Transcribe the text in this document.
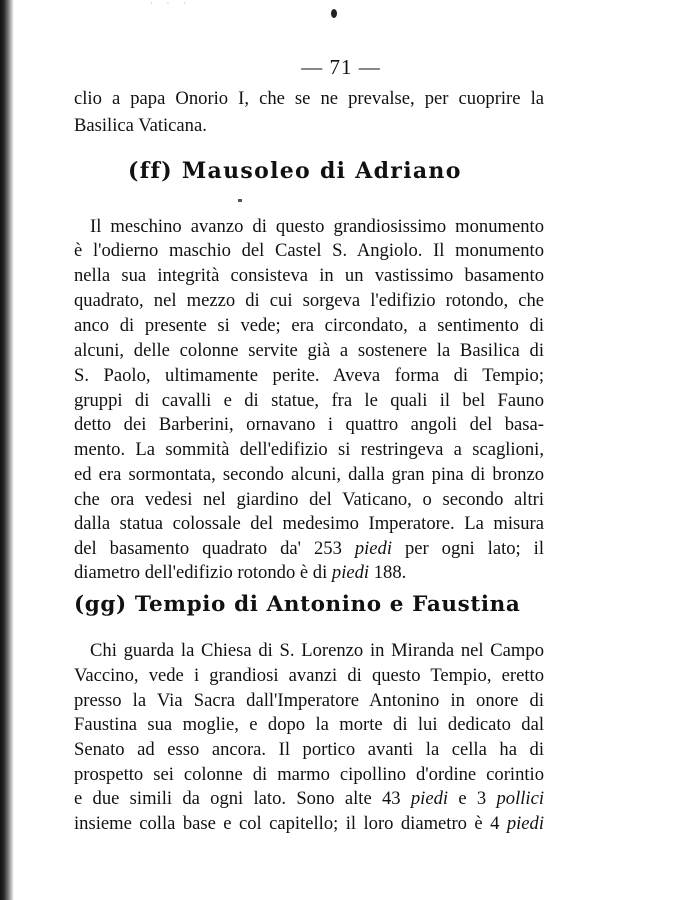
· · ·
— 71 —
clio a papa Onorio I, che se ne prevalse, per cuoprire la
Basilica Vaticana.
(ff) Mausoleo di Adriano
Il meschino avanzo di questo grandiosissimo monumento
è l'odierno maschio del Castel S. Angiolo. Il monumento
nella sua integrità consisteva in un vastissimo basamento
quadrato, nel mezzo di cui sorgeva l'edifizio rotondo, che
anco di presente si vede; era circondato, a sentimento di
alcuni, delle colonne servite già a sostenere la Basilica di
S. Paolo, ultimamente perite. Aveva forma di Tempio;
gruppi di cavalli e di statue, fra le quali il bel Fauno
detto dei Barberini, ornavano i quattro angoli del basa-
mento. La sommità dell'edifizio si restringeva a scaglioni,
ed era sormontata, secondo alcuni, dalla gran pina di bronzo
che ora vedesi nel giardino del Vaticano, o secondo altri
dalla statua colossale del medesimo Imperatore. La misura
del basamento quadrato da' 253 piedi per ogni lato; il
diametro dell'edifizio rotondo è di piedi 188.
(gg) Tempio di Antonino e Faustina
Chi guarda la Chiesa di S. Lorenzo in Miranda nel Campo
Vaccino, vede i grandiosi avanzi di questo Tempio, eretto
presso la Via Sacra dall'Imperatore Antonino in onore di
Faustina sua moglie, e dopo la morte di lui dedicato dal
Senato ad esso ancora. Il portico avanti la cella ha di
prospetto sei colonne di marmo cipollino d'ordine corintio
e due simili da ogni lato. Sono alte 43 piedi e 3 pollici
insieme colla base e col capitello; il loro diametro è 4 piedi
